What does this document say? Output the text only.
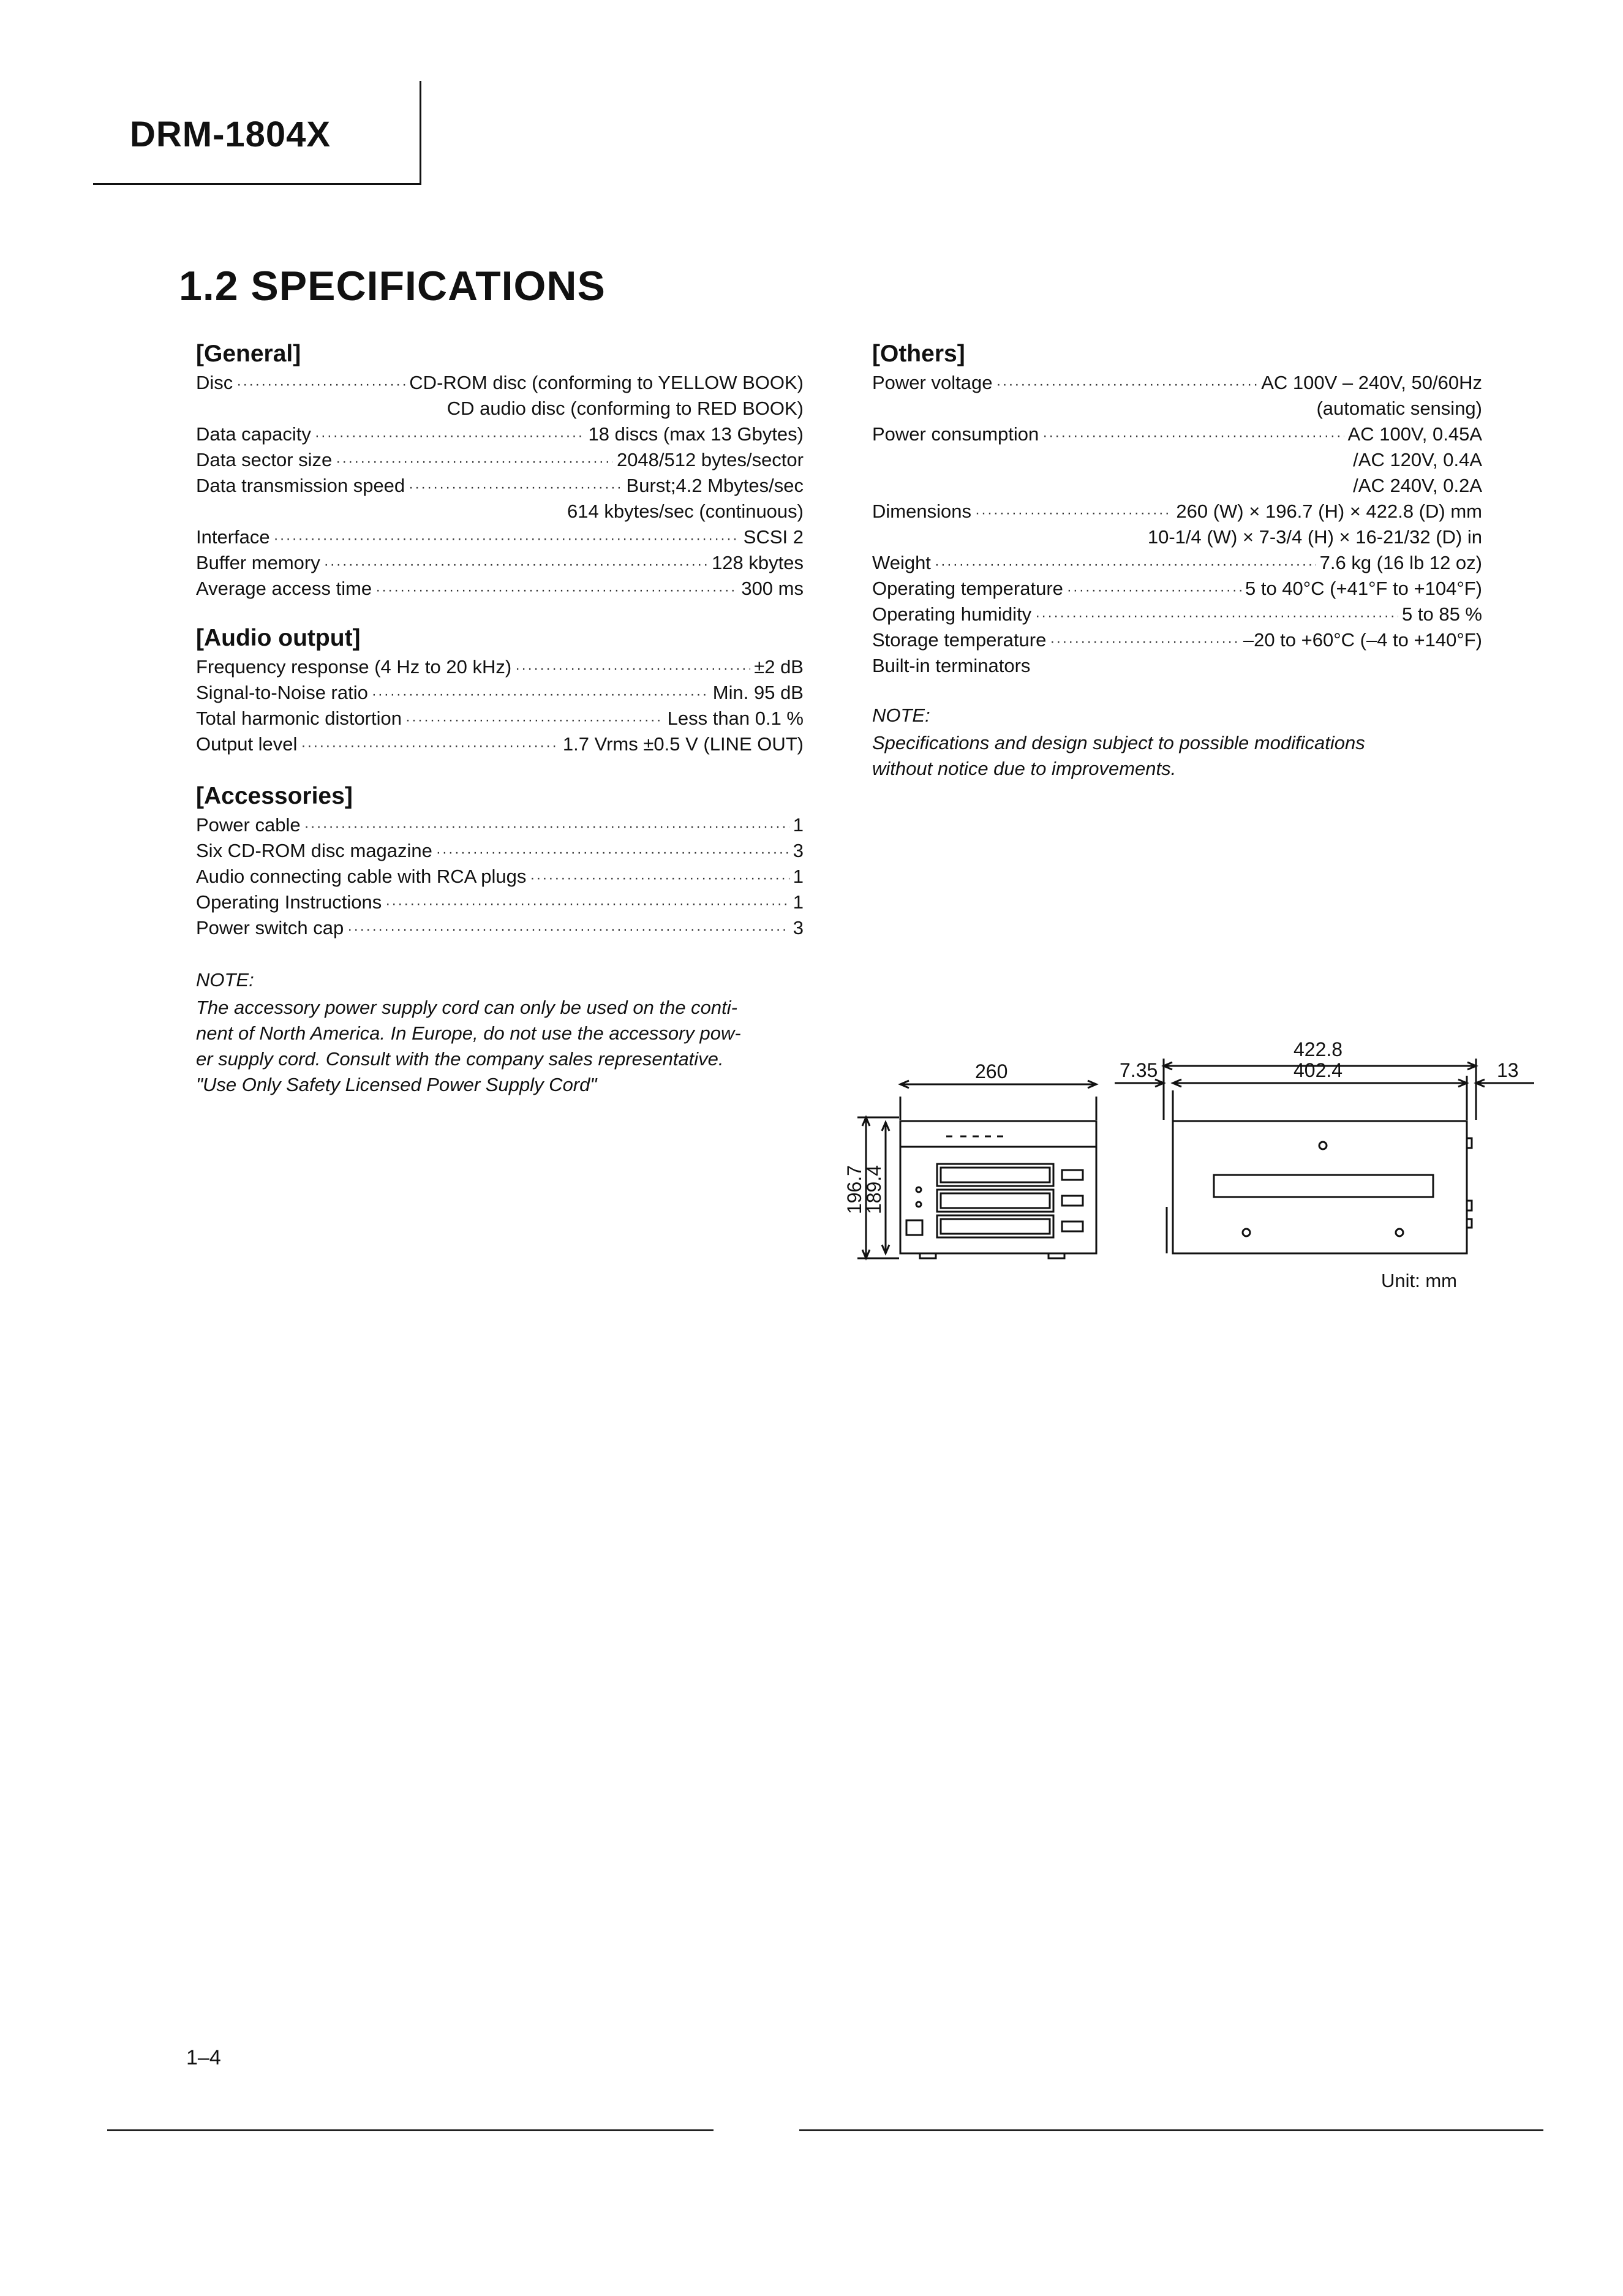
DRM-1804X
1.2 SPECIFICATIONS
[General]
Disc ·····	CD-ROM disc (conforming to YELLOW BOOK)
CD audio disc (conforming to RED BOOK)
Data capacity ·····	18 discs (max 13 Gbytes)
Data sector size ·····	2048/512 bytes/sector
Data transmission speed ·····	Burst;4.2 Mbytes/sec
614 kbytes/sec (continuous)
Interface ·····	SCSI 2
Buffer memory ·····	128 kbytes
Average access time ·····	300 ms
[Audio output]
Frequency response (4 Hz to 20 kHz) ·····	±2 dB
Signal-to-Noise ratio ·····	Min. 95 dB
Total harmonic distortion ·····	Less than 0.1 %
Output level ·····	1.7 Vrms ±0.5 V (LINE OUT)
[Accessories]
Power cable ·····	1
Six CD-ROM disc magazine ·····	3
Audio connecting cable with RCA plugs ·····	1
Operating Instructions ·····	1
Power switch cap ·····	3
NOTE:
The accessory power supply cord can only be used on the conti-
nent of North America. In Europe, do not use the accessory pow-
er supply cord. Consult with the company sales representative.
"Use Only Safety Licensed Power Supply Cord"
[Others]
Power voltage ·····	AC 100V – 240V, 50/60Hz
(automatic sensing)
Power consumption ·····	AC 100V, 0.45A
/AC 120V, 0.4A
/AC 240V, 0.2A
Dimensions ·····	260 (W) × 196.7 (H) × 422.8 (D) mm
10-1/4 (W) × 7-3/4 (H) × 16-21/32 (D) in
Weight ·····	7.6 kg (16 lb 12 oz)
Operating temperature ·····	5 to 40°C (+41°F to +104°F)
Operating humidity ·····	5 to 85 %
Storage temperature ·····	–20 to +60°C (–4 to +140°F)
Built-in terminators
NOTE:
Specifications and design subject to possible modifications
without notice due to improvements.
260
196.7
189.4
422.8
402.4
7.35	13
Unit: mm
1–4
